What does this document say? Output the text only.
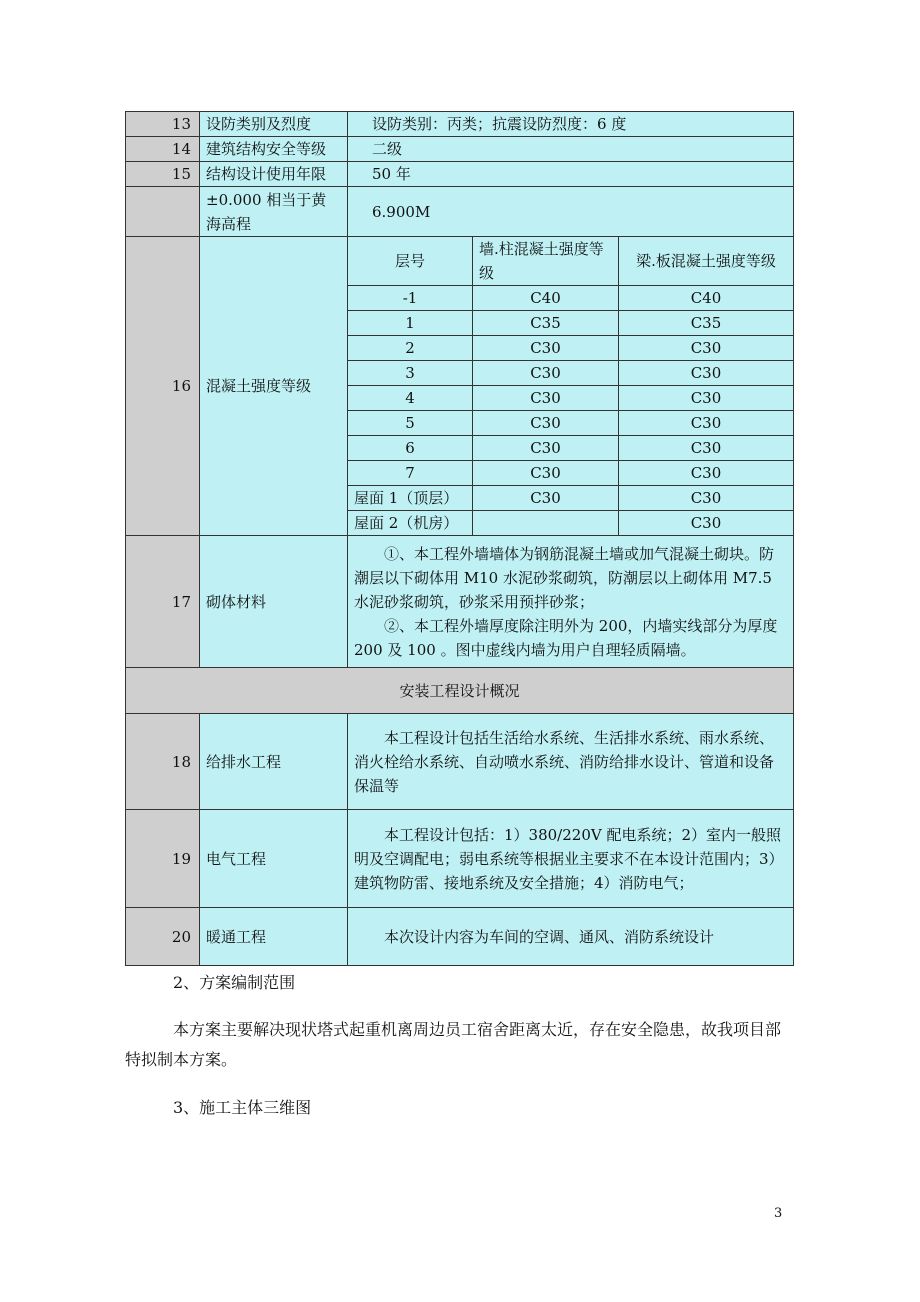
13	设防类别及烈度	设防类别：丙类；抗震设防烈度：6 度		
14	建筑结构安全等级	二级		
15	结构设计使用年限	50 年		
	±0.000 相当于黄海高程	6.900M		
16	混凝土强度等级	层号	墙.柱混凝土强度等级	梁.板混凝土强度等级
		-1	C40	C40
		1	C35	C35
		2	C30	C30
		3	C30	C30
		4	C30	C30
		5	C30	C30
		6	C30	C30
		7	C30	C30
		屋面 1（顶层）	C30	C30
		屋面 2（机房）		C30
17	砌体材料	①、本工程外墙墙体为钢筋混凝土墙或加气混凝土砌块。防潮层以下砌体用 M10 水泥砂浆砌筑，防潮层以上砌体用 M7.5 水泥砂浆砌筑，砂浆采用预拌砂浆；
②、本工程外墙厚度除注明外为 200，内墙实线部分为厚度 200 及 100 。图中虚线内墙为用户自理轻质隔墙。		

安装工程设计概况				
18	给排水工程	本工程设计包括生活给水系统、生活排水系统、雨水系统、消火栓给水系统、自动喷水系统、消防给排水设计、管道和设备保温等		
19	电气工程	本工程设计包括：1）380/220V 配电系统；2）室内一般照明及空调配电；弱电系统等根据业主要求不在本设计范围内；3）建筑物防雷、接地系统及安全措施；4）消防电气；		
20	暖通工程	本次设计内容为车间的空调、通风、消防系统设计		

2、方案编制范围

本方案主要解决现状塔式起重机离周边员工宿舍距离太近，存在安全隐患，故我项目部特拟制本方案。

3、施工主体三维图

3
